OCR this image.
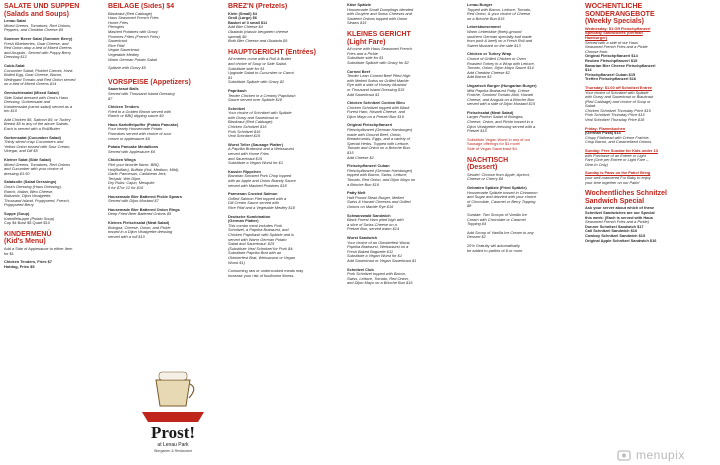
SALATE UND SUPPEN
(Salads and Soups)
Lenau Salat
Mixed Greens, Tomatoes, Red Onions,
Peppers, and Cheddar Cheese $9
Sommer Beere Salat (Sommer Berry)
Fresh Blueberries, Goat Cheese, and
Red Onion atop a bed of Mixed Greens
and Arugula.. Served with Poppy Berry
Dressing $12
Cobb-Salat
Cucumber Salad, Pickled Carrots, Hard-
Boiled Egg, Goat Cheese, Bacon,
Weilngard Tomato and Red Onion served
on a bed of Mixed Greens $14
Gemischtesalat (Mixed Salad)
Side Salad dressed with Oma's Haus
Dressing, Gurkensalat and
Karottensalat (carrot salad) served as a
trio $10
Add Chicken $6, Salmon $9, or Turkey
Breast $5 to any of the above Salads.
Each is served with a Roll/Butter
Gurkensalat (Cucumber Salad)
Thinly sliced crisp Cucumbers and
Yellow Onion tossed with Sour Cream,
Vinegar, and Dill $5
Kleiner Salat (Side Salad)
Mixed Greens, Tomatoes, Red Onions
and Cucumber with your choice of
dressing $3.50
Salatsoße (Salad Dressings)
Oma's Dressing (Haus Dressing),
Ranch, Italian, Bleu Cheese,
Balsamic, Dijon Vinaigrette,
Thousand Island, Poppyseed, French,
Poppyseed Berry
Suppe (Soup)
Kartoffelsuppe (Potato Soup)
Cup $4 Bowl $5 Quart $10
KINDERMENÜ
(Kid's Menu)
Add a Side of Applesauce to either Item
for $1
Chicken Tenders, Fries $7
Hotdog, Fries $5
BEILAGE (Sides) $4
Blaukraut (Red Cabbage)
Haus Seasoned French Fries
Home Fries
Pierogies
Mashed Potatoes with Gravy
Pommes Frites (French Fries)
Sauerkraut
Rice Pilaf
Vegan Sauerkraut
Vegetable Medley
Warm German Potato Salad
Spätzle with Gravy $5
VORSPEISE (Appetizers)
Sauerkraut Balls
Served with Thousand Island Dressing
$7
Chicken Tenders
Fried to a Golden Brown served with
Ranch or BBQ dipping sauce $9
Haus Kartoffelpuffer (Potato Pancake)
Four hearty Housemade Potato
Pancakes served with choice of sour
cream or applesauce $9
Potato Pancake Medallions
Served with Applesauce $6
Chicken Wings
Pick your favorite flavor: BBQ,
Hot(Buffalo), Buffalo (Hot, Medium, Mild),
Garlic Parmesan, Caribbean Jerk,
Teriyaki, Wet Dijon,
Dry Rubs: Cajun, Mesquite
6 for $7or 12 for $16
Housemade Bier Battered Pickle Spears
Served with Dijon Mustard $7
Housemade Bier Battered Onion Rings
Deep Fried Beer Battered Onions $5
Kleines Fleischsalat (Meat Salad)
Bologna, Cheese, Onion, and Pickle
tossed in a Dijon Vinaigrette dressing
served with a roll $10
BREZ'N (Pretzels)
Klein (Small) $4
Groß (Large) $6
Basket of 3 small $11
Add Bier Cheese $4
Obatzda (classic bergarten cheese
spread) $6
Both Bier Cheese and Obatzda $9
HAUPTGERICHT (Entrées)
All entrées come with a Roll & Butter
and choice of Soup or Side Salad.
Substitute side for $1
Upgrade Salad to Cucumber or Carrot
$1
Substitute Spätzle with Gravy $2
Paprikash
Tender Chicken in a Creamy Paprikash
Sauce served over Spätzle $18
Schnitzel
Your choice of Schnitzel with Spätzle
with Gravy and Sauerkraut or
Blaukraut (Red Cabbage):
Chicken Schnitzel $16
Pork Schnitzel $16
Veal Schnitzel $19
Wurst Teller (Sausage Platter)
A Paprika Bratwurst and a Weisswurst
served with Home Fries
and Sauerkraut $15
Substitute a Vegan Wurst for $1
Kassler Rippchen
Bavarian Smoked Pork Chop topped
with an Apple and Onion Brandy Sauce
served with Mashed Potatoes $18
Parmesan Crusted Salmon
Grilled Salmon Filet topped with a
Dill Cream Sauce served with
Rice Pilaf and a Vegetable Medley $18
Deutsche Kombination
(German Platter)
This combo meal includes Pork
Schnitzel, a Paprika Bratwurst, and
Chicken Paprikash with Spätzle and is
served with Warm German Potato
Salad and Sauerkraut. $25
(Substitute Veal Schnitzel for Pork $4;
Substitute Paprika Brat with an
Oktoberfest Brat, Weisswurst or Vegan
Wurst $1)
Consuming raw or undercooked meats may
increase your risk of foodborne illness.
Käse Spätzle
Housemade Small Dumplings blended
with Gruyère and Swiss Cheeses and
Sautéed Onions topped with Onion
Straws $15
KLEINES GERICHT
(Light Fare)
All come with Haus Seasoned French
Fries and a Pickle
Substitute side for $1
Substitute Spätzle with Gravy for $2
Corned Beef
Tender Lean Corned Beef Piled High
with Melted Swiss on Grilled Marble
Rye with a side of Horsey Mustard
or Thousand Island Dressing $15
Add Sauerkraut $1
Chicken Schnitzel Cordon Bleu
Chicken Schnitzel topped with Black
Forest Ham, Havarti Cheese, and
Dijon Mayo on a Pretzel Bun $16
Original Fleischpflanzerl
Fleischpflanzerl (German Hamburger)
made with Ground Beef, Onion,
Breadcrumbs, Eggs, and a variety of
Special Herbs. Topped with Lettuce,
Tomato and Onion on a Brioche Bun.
$15
Add Cheese $2
Fleischpflanzerl Cuban
Fleischpflanzerl (German Hamburger)
topped with Bacon, Swiss, Lettuce,
Tomato, Red Onion, and Dijon Mayo on
a Brioche Bun $16
Patty Melt
Half Pound Steak Burger, Melted
Swiss & Havarti Cheeses and Grilled
Onions on Marble Rye $16
Schwarzwald Sandwich
Black Forest Ham piled high with
a slice of Swiss Cheese on a
Pretzel Bun, served warm $14
Wurst Sandwich
Your choice of an Oktoberfest Wurst,
Paprika Bratwurst, Weisswurst on a
Fresh Baked Baguette $11
Substitute a Vegan Wurst for $1
Add Sauerkraut or Vegan Sauerkraut $1
Schnitzel Club
Pork Schnitzel topped with Bacon,
Swiss, Lettuce, Tomato, Red Onion,
and Dijon Mayo on a Brioche Bun $16
Lenau Burger
Topped with Bacon, Lettuce, Tomato,
Red Onion, & your choice of Cheese
on a Brioche Bun $15
Leberkäsesemmel
Warm Leberkäse (finely-ground
southern German specialty loaf made
from pork & beef) on a Fresh Roll and
Sweet Mustard on the side $13
Chicken or Turkey Wrap
Choice of Grilled Chicken or Oven
Roasted Turkey in a Wrap with Lettuce,
Tomato, Onion, Dijon Mayo Sauce $14
Add Cheddar Cheese $2
Add Bacon $3
Ungarisch Burger (Hungarian Burger)
Mild Paprika Bratwurst Patty, Crème
Fraiche, Smoked Tomato Aioli, Havarti
Cheese, and Arugula on a Brioche Bun
served with a side of Dijon Mustard $15
Fleischsalat (Meat Salad)
Larger Portion Salad of Bologna,
Cheese, Onion, and Pickle tossed in a
Dijon Vinaigrette dressing served with a
Pretzel $15
Substitute Vegan Wurst in any of our
Sausage offerings for $1 more!
Side of Vegan Sauerkraut $4
NACHTISCH
(Dessert)
Strudel: Choose from Apple, Apricot,
Cheese or Cherry $6
Gebraten Spätzle (Fried Spätzle)
Housemade Spätzle tossed in Cinnamon
and Sugar and drizzled with your choice
of Chocolate, Caramel or Berry Topping
$8
Sundae: Two Scoops of Vanilla Ice
Cream with Chocolate or Caramel
Topping $4
Add Scoop of Vanilla Ice Cream to any
Dessert $2
20% Gratuity will automatically
be added to parties of 8 or more
WOCHENTLICHE
SONDERANGEBOTE
(Weekly Specials)
Wednesday: $1 Off Fleischpflanzerl
Specialty Sandwiches (German
Hamburger)
Served with a side of our Haus
Seasoned French Fries and a Pickle
Choose from:
Original Fleischpflanzerl $14
Reuben Fleischpflanzerl $15
Bavarian Bier Cheese Fleischpflanzerl
$14
Fleischpflanzerl Cuban $15
Treffen Fleischpflanzerl $16
Thursday: $1.00 off Schnitzel Entrée
Your choice of Schnitzel with Spätzle
with Gravy and Sauerkraut or Blaukraut
(Red Cabbage) and choice of Soup or
Salad.
Chicken Schnitzel Thursday Price $15
Pork Schnitzel Thursday Price $15
Veal Schnitzel Thursday Price $18
Friday: Flammkuchen
(German Pizza) $14
Crispy Flatbread with Crème Fraîche,
Crisp Bacon, and Caramelized Onions.
Sunday: Free Sundae for Kids under 13
with Purchase of an Entrée or Light
Fare (One per Entrée or Light Fare –
Dine-In Only)
Sunday is Paws on the Patio! Bring
your well-mannered Fur Baby to enjoy
your time together on our Patio!
Wochentliches Schnitzel
Sandwich Special
Ask your server about which of these
Schnitzel Sandwiches are our Special
this week: (Each is served with Haus
Seasoned French Fries and a Pickle)
Donner Schnitzel Sandwich $17
Cali Schnitzel Sandwich $16
Cowboy Schnitzel Sandwich $15
Original Apple Schnitzel Sandwich $16
Prost!
at Lenau Park
Biergarten & Restaurant	menupix
